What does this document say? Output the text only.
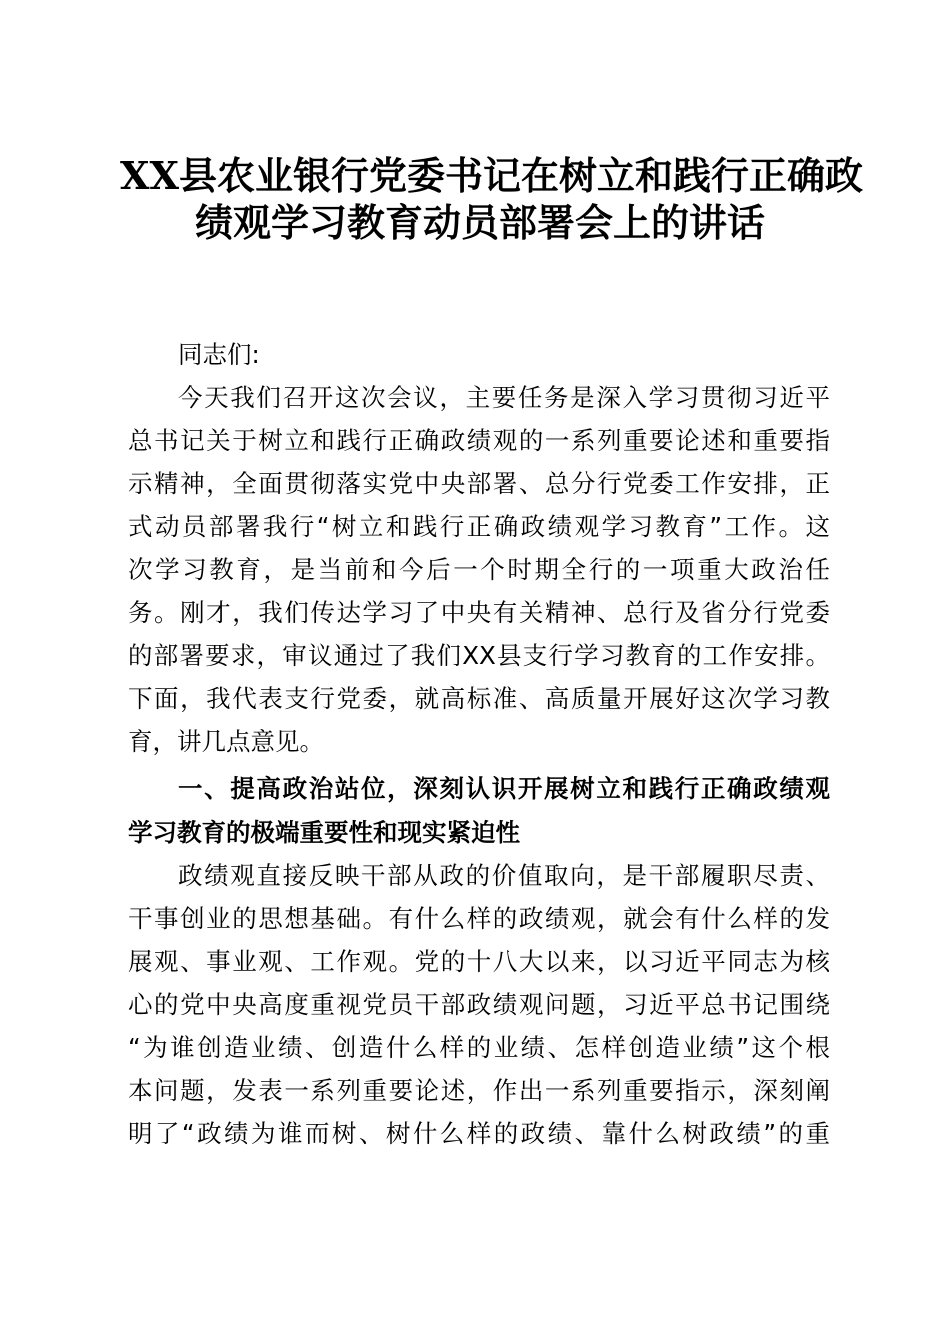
XX县农业银行党委书记在树立和践行正确政
绩观学习教育动员部署会上的讲话
同志们:
今天我们召开这次会议，主要任务是深入学习贯彻习近平
总书记关于树立和践行正确政绩观的一系列重要论述和重要指
示精神，全面贯彻落实党中央部署、总分行党委工作安排，正
式动员部署我行“树立和践行正确政绩观学习教育”工作。这
次学习教育，是当前和今后一个时期全行的一项重大政治任
务。刚才，我们传达学习了中央有关精神、总行及省分行党委
的部署要求，审议通过了我们XX县支行学习教育的工作安排。
下面，我代表支行党委，就高标准、高质量开展好这次学习教
育，讲几点意见。
一、提高政治站位，深刻认识开展树立和践行正确政绩观
学习教育的极端重要性和现实紧迫性
政绩观直接反映干部从政的价值取向，是干部履职尽责、
干事创业的思想基础。有什么样的政绩观，就会有什么样的发
展观、事业观、工作观。党的十八大以来，以习近平同志为核
心的党中央高度重视党员干部政绩观问题，习近平总书记围绕
“为谁创造业绩、创造什么样的业绩、怎样创造业绩”这个根
本问题，发表一系列重要论述，作出一系列重要指示，深刻阐
明了“政绩为谁而树、树什么样的政绩、靠什么树政绩”的重
